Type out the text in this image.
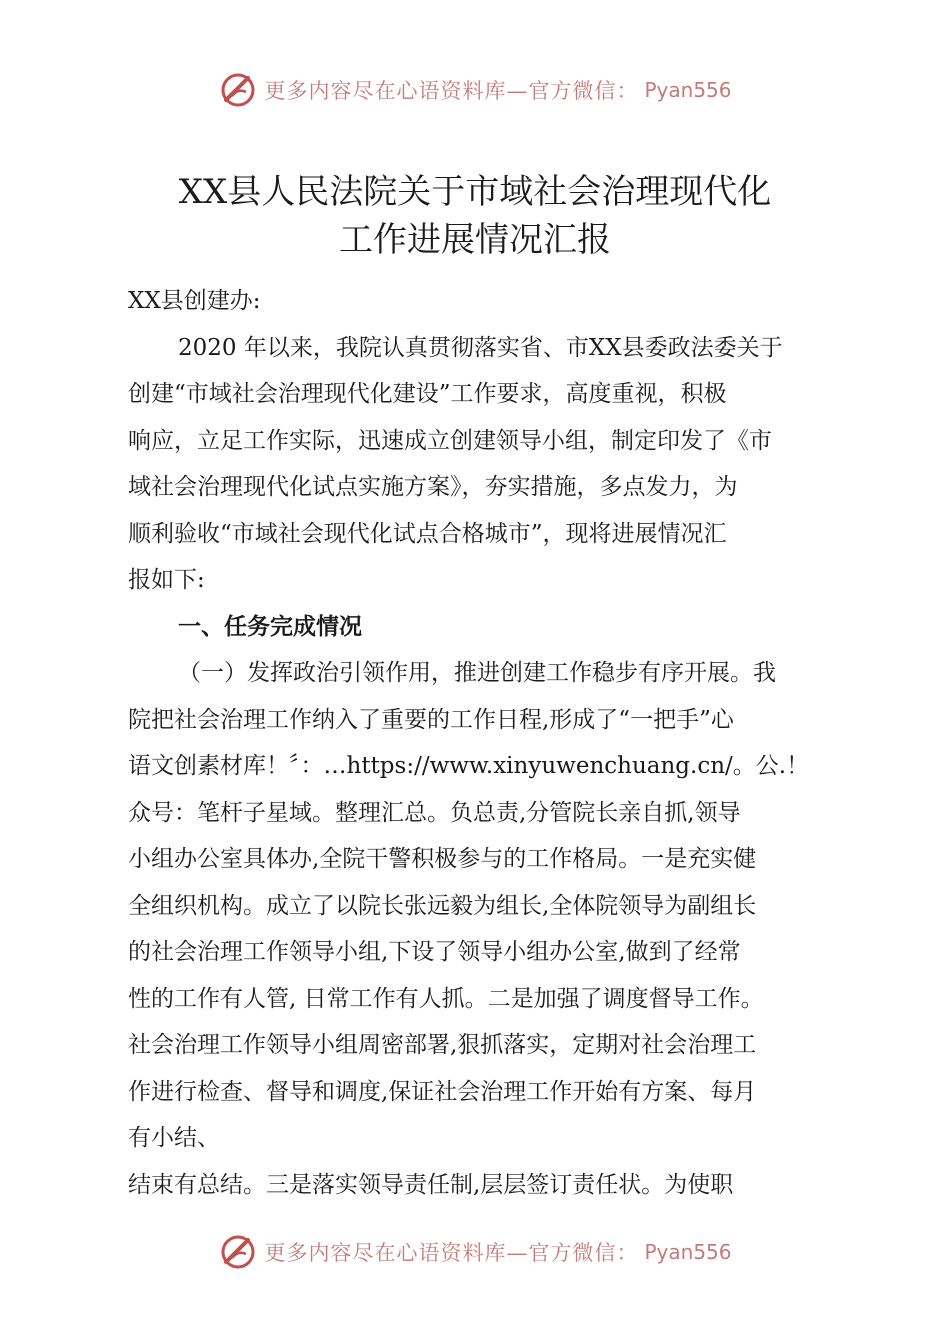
更多内容尽在心语资料库—官方微信： Pyan556
XX县人民法院关于市域社会治理现代化
工作进展情况汇报
XX县创建办:
2020 年以来，我院认真贯彻落实省、市XX县委政法委关于
创建“市域社会治理现代化建设”工作要求，高度重视，积极
响应，立足工作实际，迅速成立创建领导小组，制定印发了《市
域社会治理现代化试点实施方案》，夯实措施，多点发力，为
顺利验收“市域社会现代化试点合格城市”，现将进展情况汇
报如下:
一、任务完成情况
（一）发挥政治引领作用，推进创建工作稳步有序开展。我
院把社会治理工作纳入了重要的工作日程,形成了“一把手”心
语文创素材库！〞：…https://www.xinyuwenchuang.cn/。公.！
众号：笔杆子星域。整理汇总。负总责,分管院长亲自抓,领导
小组办公室具体办,全院干警积极参与的工作格局。一是充实健
全组织机构。成立了以院长张远毅为组长,全体院领导为副组长
的社会治理工作领导小组,下设了领导小组办公室,做到了经常
性的工作有人管, 日常工作有人抓。二是加强了调度督导工作。
社会治理工作领导小组周密部署,狠抓落实，定期对社会治理工
作进行检查、督导和调度,保证社会治理工作开始有方案、每月
有小结、
结束有总结。三是落实领导责任制,层层签订责任状。为使职
更多内容尽在心语资料库—官方微信： Pyan556
